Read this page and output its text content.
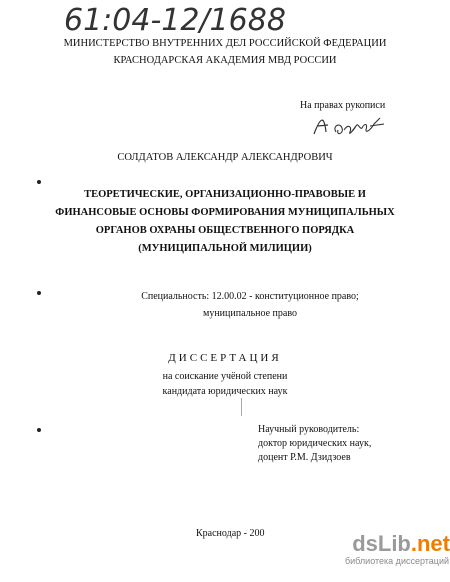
61:04-12/1688
МИНИСТЕРСТВО ВНУТРЕННИХ ДЕЛ РОССИЙСКОЙ ФЕДЕРАЦИИ
КРАСНОДАРСКАЯ АКАДЕМИЯ МВД РОССИИ
На правах рукописи
СОЛДАТОВ АЛЕКСАНДР АЛЕКСАНДРОВИЧ
ТЕОРЕТИЧЕСКИЕ, ОРГАНИЗАЦИОННО-ПРАВОВЫЕ И
ФИНАНСОВЫЕ ОСНОВЫ ФОРМИРОВАНИЯ МУНИЦИПАЛЬНЫХ
ОРГАНОВ ОХРАНЫ ОБЩЕСТВЕННОГО ПОРЯДКА
(МУНИЦИПАЛЬНОЙ МИЛИЦИИ)
Специальность: 12.00.02 - конституционное право;
муниципальное право
ДИССЕРТАЦИЯ
на соискание учёной степени
кандидата юридических наук
Научный руководитель:
доктор юридических наук,
доцент Р.М. Дзидзоев
Краснодар - 200	dsLib.net
библиотека диссертаций
